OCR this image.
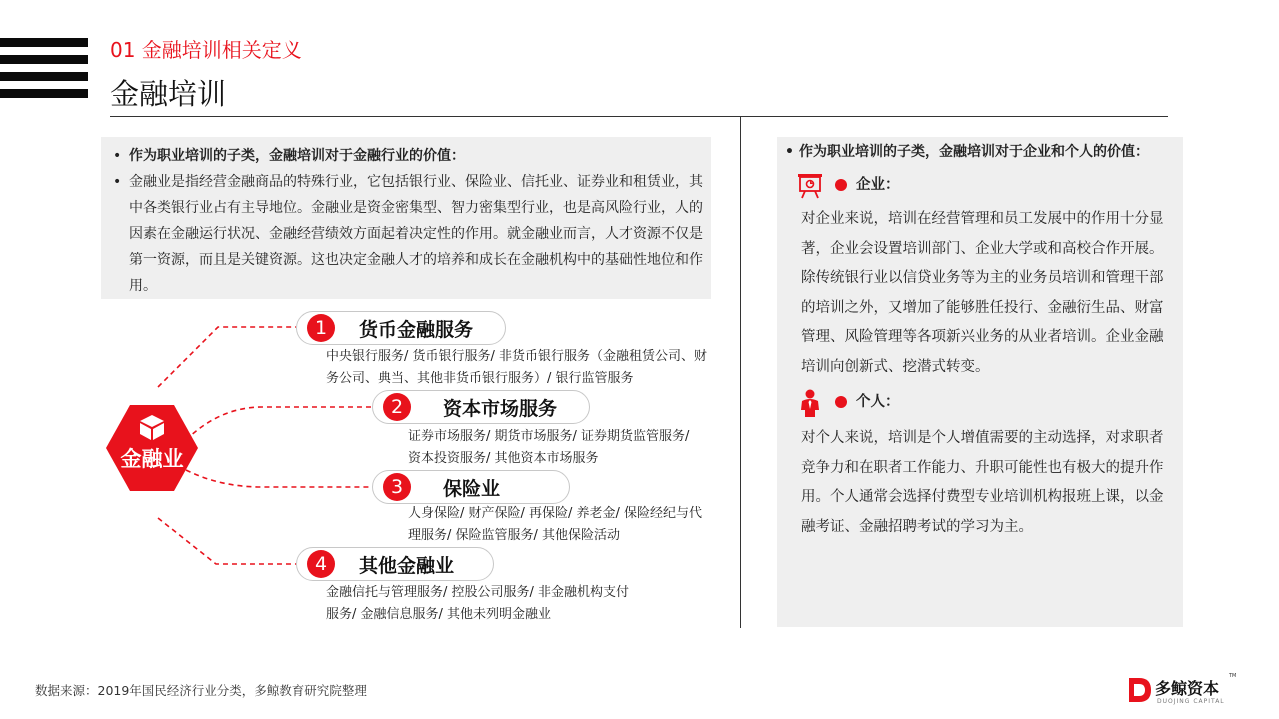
01 金融培训相关定义
金融培训
• 作为职业培训的子类，金融培训对于金融行业的价值：
• 金融业是指经营金融商品的特殊行业，它包括银行业、保险业、信托业、证券业和租赁业，其中各类银行业占有主导地位。金融业是资金密集型、智力密集型行业，也是高风险行业，人的因素在金融运行状况、金融经营绩效方面起着决定性的作用。就金融业而言，人才资源不仅是第一资源，而且是关键资源。这也决定金融人才的培养和成长在金融机构中的基础性地位和作用。
金融业
1	货币金融服务
中央银行服务/ 货币银行服务/ 非货币银行服务（金融租赁公司、财务公司、典当、其他非货币银行服务）/ 银行监管服务
2	资本市场服务
证券市场服务/ 期货市场服务/ 证券期货监管服务/ 资本投资服务/ 其他资本市场服务
3	保险业
人身保险/ 财产保险/ 再保险/ 养老金/ 保险经纪与代理服务/ 保险监管服务/ 其他保险活动
4	其他金融业
金融信托与管理服务/ 控股公司服务/ 非金融机构支付服务/ 金融信息服务/ 其他未列明金融业
• 作为职业培训的子类，金融培训对于企业和个人的价值：
企业：
对企业来说，培训在经营管理和员工发展中的作用十分显著，企业会设置培训部门、企业大学或和高校合作开展。除传统银行业以信贷业务等为主的业务员培训和管理干部的培训之外，又增加了能够胜任投行、金融衍生品、财富管理、风险管理等各项新兴业务的从业者培训。企业金融培训向创新式、挖潜式转变。
个人：
对个人来说，培训是个人增值需要的主动选择，对求职者竞争力和在职者工作能力、升职可能性也有极大的提升作用。个人通常会选择付费型专业培训机构报班上课，以金融考证、金融招聘考试的学习为主。
数据来源：2019年国民经济行业分类，多鲸教育研究院整理	多鲸资本
DUOJING CAPITAL
TM
